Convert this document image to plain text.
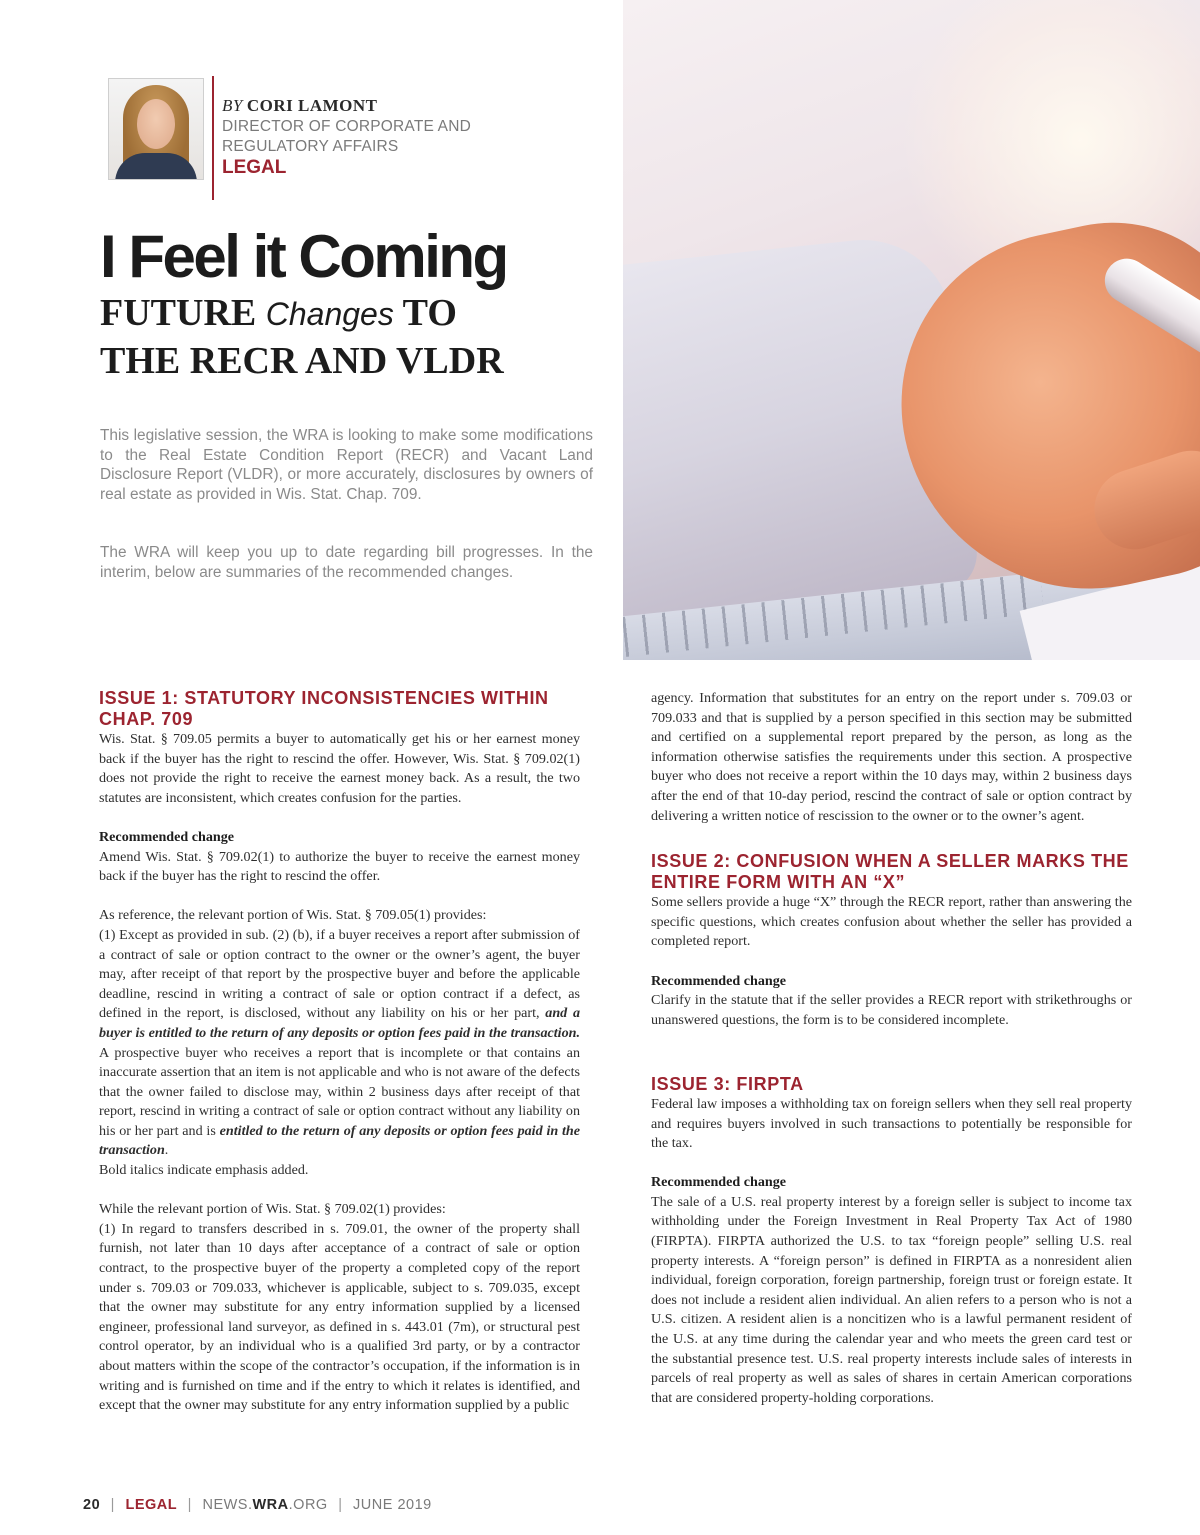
BY CORI LAMONT
DIRECTOR OF CORPORATE AND
REGULATORY AFFAIRS
LEGAL
I Feel it Coming
FUTURE Changes TO
THE RECR AND VLDR

This legislative session, the WRA is looking to make some modifications to the Real Estate Condition Report (RECR) and Vacant Land Disclosure Report (VLDR), or more accurately, disclosures by owners of real estate as provided in Wis. Stat. Chap. 709.

The WRA will keep you up to date regarding bill progresses. In the interim, below are summaries of the recommended changes.

ISSUE 1: STATUTORY INCONSISTENCIES WITHIN CHAP. 709

Wis. Stat. § 709.05 permits a buyer to automatically get his or her earnest money back if the buyer has the right to rescind the offer. However, Wis. Stat. § 709.02(1) does not provide the right to receive the earnest money back. As a result, the two statutes are inconsistent, which creates confusion for the parties.

Recommended change

Amend Wis. Stat. § 709.02(1) to authorize the buyer to receive the earnest money back if the buyer has the right to rescind the offer.

As reference, the relevant portion of Wis. Stat. § 709.05(1) provides:

(1) Except as provided in sub. (2) (b), if a buyer receives a report after submission of a contract of sale or option contract to the owner or the owner’s agent, the buyer may, after receipt of that report by the prospective buyer and before the applicable deadline, rescind in writing a contract of sale or option contract if a defect, as defined in the report, is disclosed, without any liability on his or her part, and a buyer is entitled to the return of any deposits or option fees paid in the transaction. A prospective buyer who receives a report that is incomplete or that contains an inaccurate assertion that an item is not applicable and who is not aware of the defects that the owner failed to disclose may, within 2 business days after receipt of that report, rescind in writing a contract of sale or option contract without any liability on his or her part and is entitled to the return of any deposits or option fees paid in the transaction.

Bold italics indicate emphasis added.

While the relevant portion of Wis. Stat. § 709.02(1) provides:

(1) In regard to transfers described in s. 709.01, the owner of the property shall furnish, not later than 10 days after acceptance of a contract of sale or option contract, to the prospective buyer of the property a completed copy of the report under s. 709.03 or 709.033, whichever is applicable, subject to s. 709.035, except that the owner may substitute for any entry information supplied by a licensed engineer, professional land surveyor, as defined in s. 443.01 (7m), or structural pest control operator, by an individual who is a qualified 3rd party, or by a contractor about matters within the scope of the contractor’s occupation, if the information is in writing and is furnished on time and if the entry to which it relates is identified, and except that the owner may substitute for any entry information supplied by a public

agency. Information that substitutes for an entry on the report under s. 709.03 or 709.033 and that is supplied by a person specified in this section may be submitted and certified on a supplemental report prepared by the person, as long as the information otherwise satisfies the requirements under this section. A prospective buyer who does not receive a report within the 10 days may, within 2 business days after the end of that 10-day period, rescind the contract of sale or option contract by delivering a written notice of rescission to the owner or to the owner’s agent.

ISSUE 2: CONFUSION WHEN A SELLER MARKS THE ENTIRE FORM WITH AN “X”

Some sellers provide a huge “X” through the RECR report, rather than answering the specific questions, which creates confusion about whether the seller has provided a completed report.

Recommended change

Clarify in the statute that if the seller provides a RECR report with strikethroughs or unanswered questions, the form is to be considered incomplete.

ISSUE 3: FIRPTA

Federal law imposes a withholding tax on foreign sellers when they sell real property and requires buyers involved in such transactions to potentially be responsible for the tax.

Recommended change

The sale of a U.S. real property interest by a foreign seller is subject to income tax withholding under the Foreign Investment in Real Property Tax Act of 1980 (FIRPTA). FIRPTA authorized the U.S. to tax “foreign people” selling U.S. real property interests. A “foreign person” is defined in FIRPTA as a nonresident alien individual, foreign corporation, foreign partnership, foreign trust or foreign estate. It does not include a resident alien individual. An alien refers to a person who is not a U.S. citizen. A resident alien is a noncitizen who is a lawful permanent resident of the U.S. at any time during the calendar year and who meets the green card test or the substantial presence test. U.S. real property interests include sales of interests in parcels of real property as well as sales of shares in certain American corporations that are considered property-holding corporations.

20 | LEGAL | NEWS.WRA.ORG | JUNE 2019
